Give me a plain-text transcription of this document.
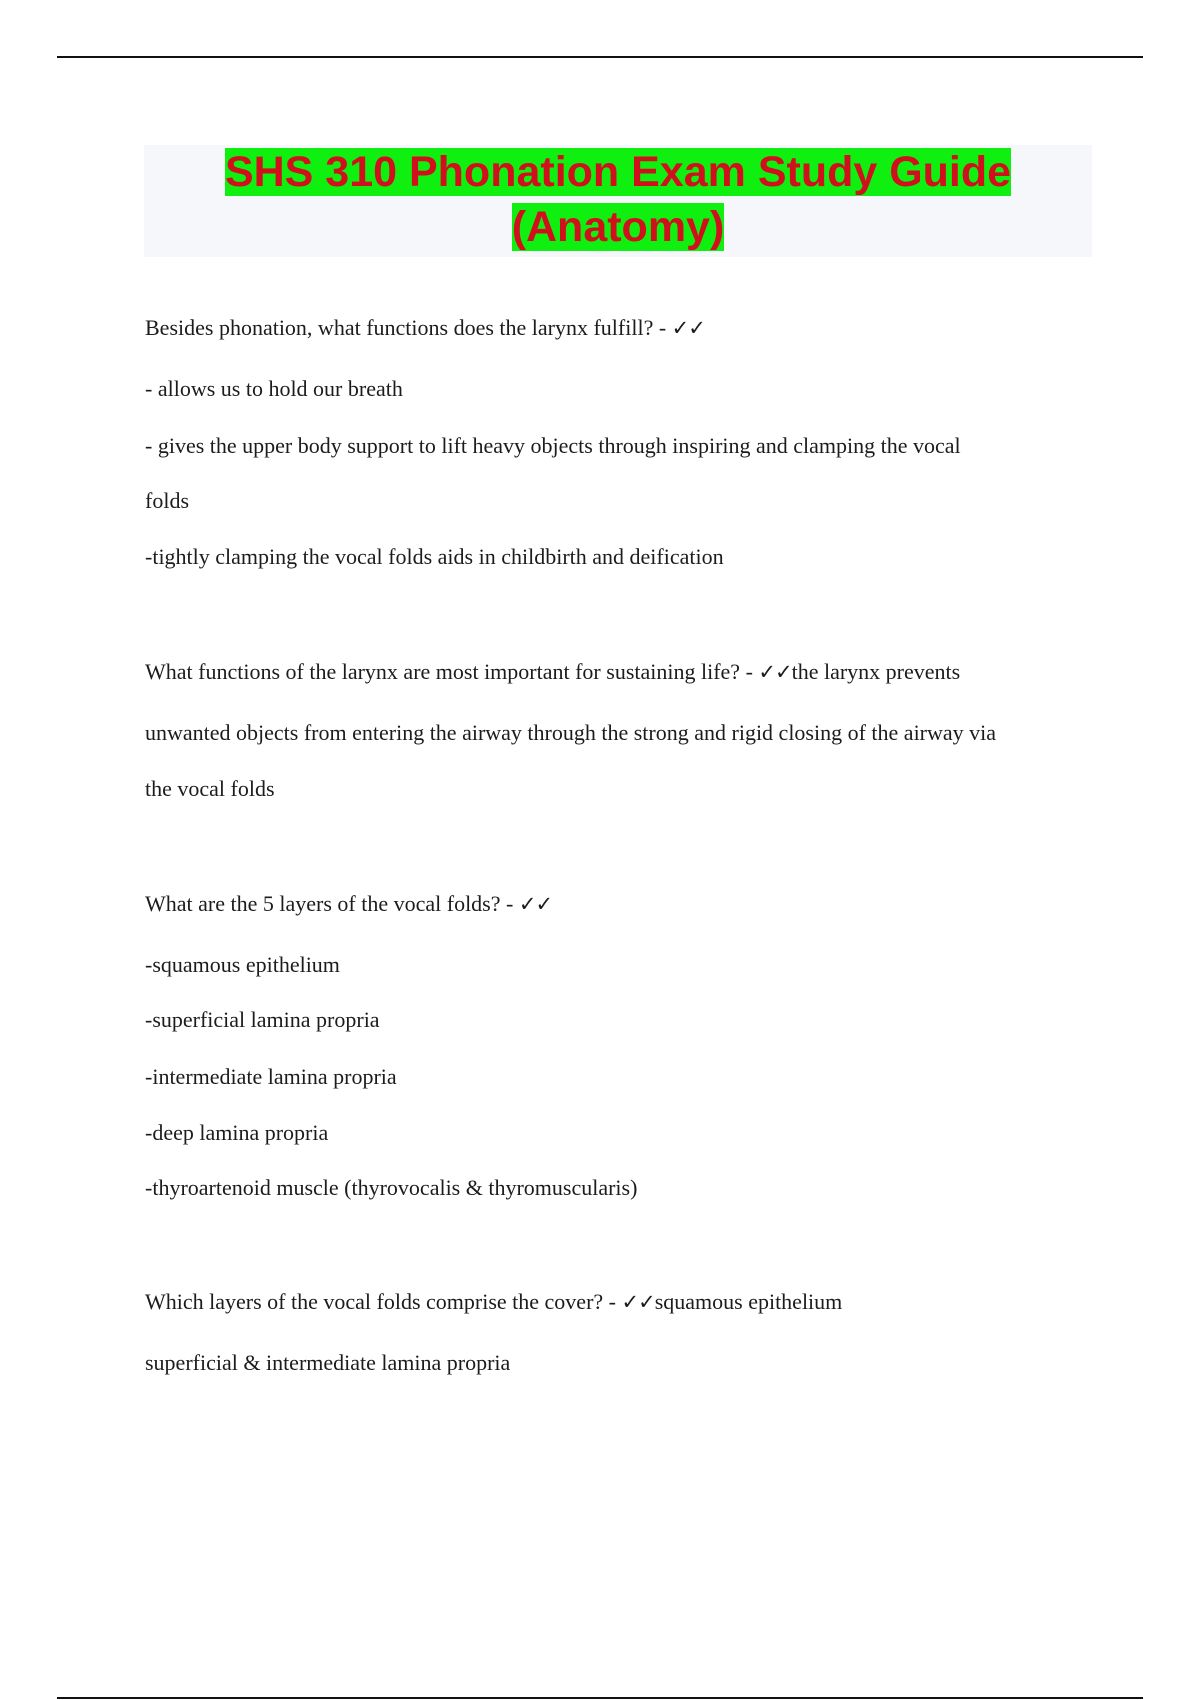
SHS 310 Phonation Exam Study Guide
(Anatomy)
Besides phonation, what functions does the larynx fulfill? - ✓✓
- allows us to hold our breath
- gives the upper body support to lift heavy objects through inspiring and clamping the vocal
folds
-tightly clamping the vocal folds aids in childbirth and deification
What functions of the larynx are most important for sustaining life? - ✓✓the larynx prevents
unwanted objects from entering the airway through the strong and rigid closing of the airway via
the vocal folds
What are the 5 layers of the vocal folds? - ✓✓
-squamous epithelium
-superficial lamina propria
-intermediate lamina propria
-deep lamina propria
-thyroartenoid muscle (thyrovocalis & thyromuscularis)
Which layers of the vocal folds comprise the cover? - ✓✓squamous epithelium
superficial & intermediate lamina propria
